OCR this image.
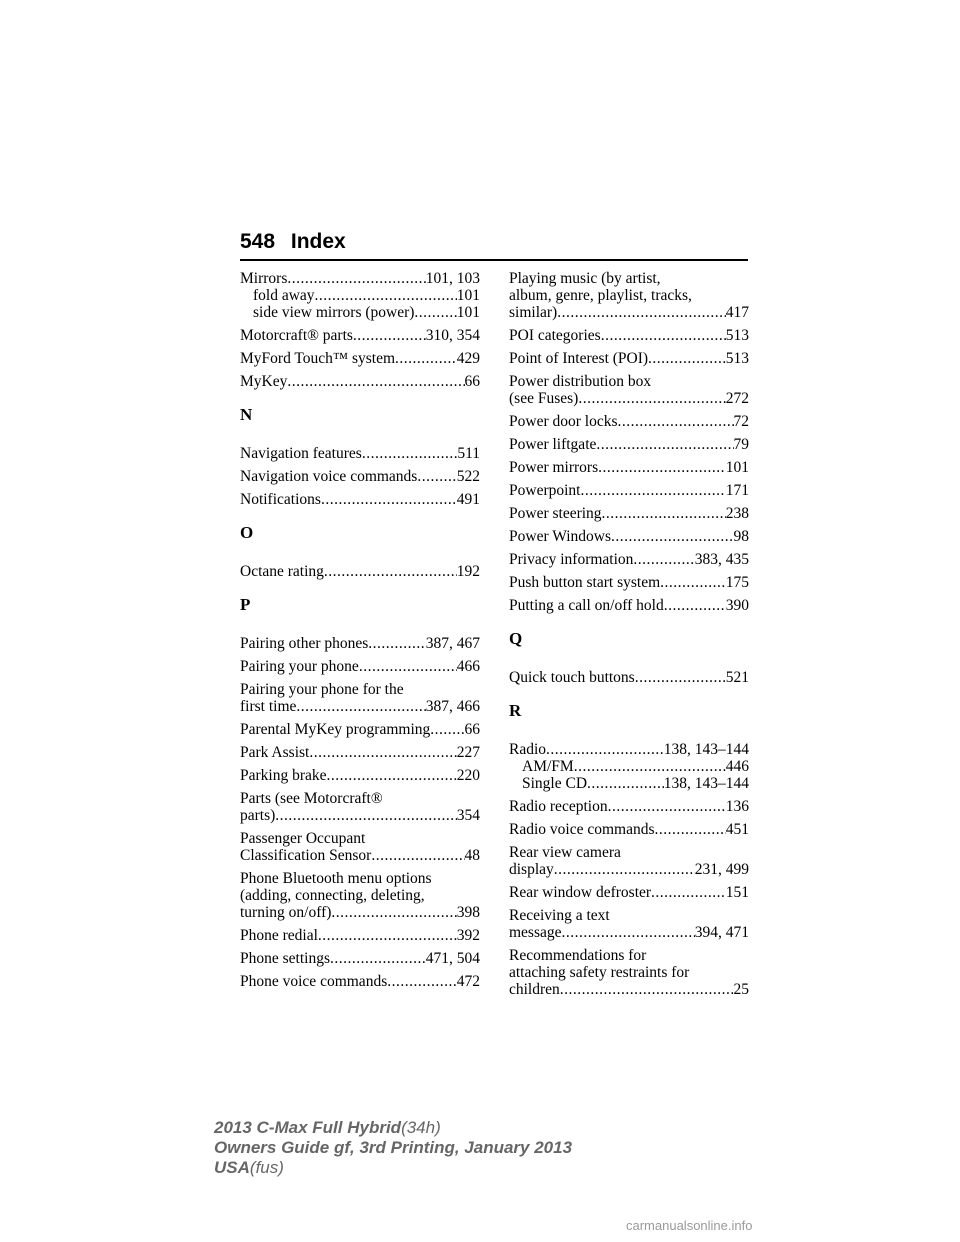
548 Index
Mirrors .....	101, 103
fold away .....	101
side view mirrors (power) .....	101
Motorcraft® parts .....	310, 354
MyFord Touch™ system .....	429
MyKey .....	66
N
Navigation features .....	511
Navigation voice commands .....	522
Notifications .....	491
O
Octane rating .....	192
P
Pairing other phones .....	387, 467
Pairing your phone .....	466
Pairing your phone for the
first time .....	387, 466
Parental MyKey programming ..... 66
Park Assist .....	227
Parking brake .....	220
Parts (see Motorcraft®
parts) .....	354
Passenger Occupant
Classification Sensor .....	48
Phone Bluetooth menu options
(adding, connecting, deleting,
turning on/off) .....	398
Phone redial .....	392
Phone settings .....	471, 504
Phone voice commands .....	472
Playing music (by artist,
album, genre, playlist, tracks,
similar) .....	417
POI categories .....	513
Point of Interest (POI) .....	513
Power distribution box
(see Fuses) .....	272
Power door locks .....	72
Power liftgate .....	79
Power mirrors .....	101
Powerpoint .....	171
Power steering .....	238
Power Windows .....	98
Privacy information .....	383, 435
Push button start system .....	175
Putting a call on/off hold .....	390
Q
Quick touch buttons .....	521
R
Radio .....	138, 143–144
AM/FM .....	446
Single CD .....	138, 143–144
Radio reception .....	136
Radio voice commands .....	451
Rear view camera
display .....	231, 499
Rear window defroster .....	151
Receiving a text
message .....	394, 471
Recommendations for
attaching safety restraints for
children .....	25
2013 C-Max Full Hybrid(34h)
Owners Guide gf, 3rd Printing, January 2013
USA(fus)
carmanualsonline.info
